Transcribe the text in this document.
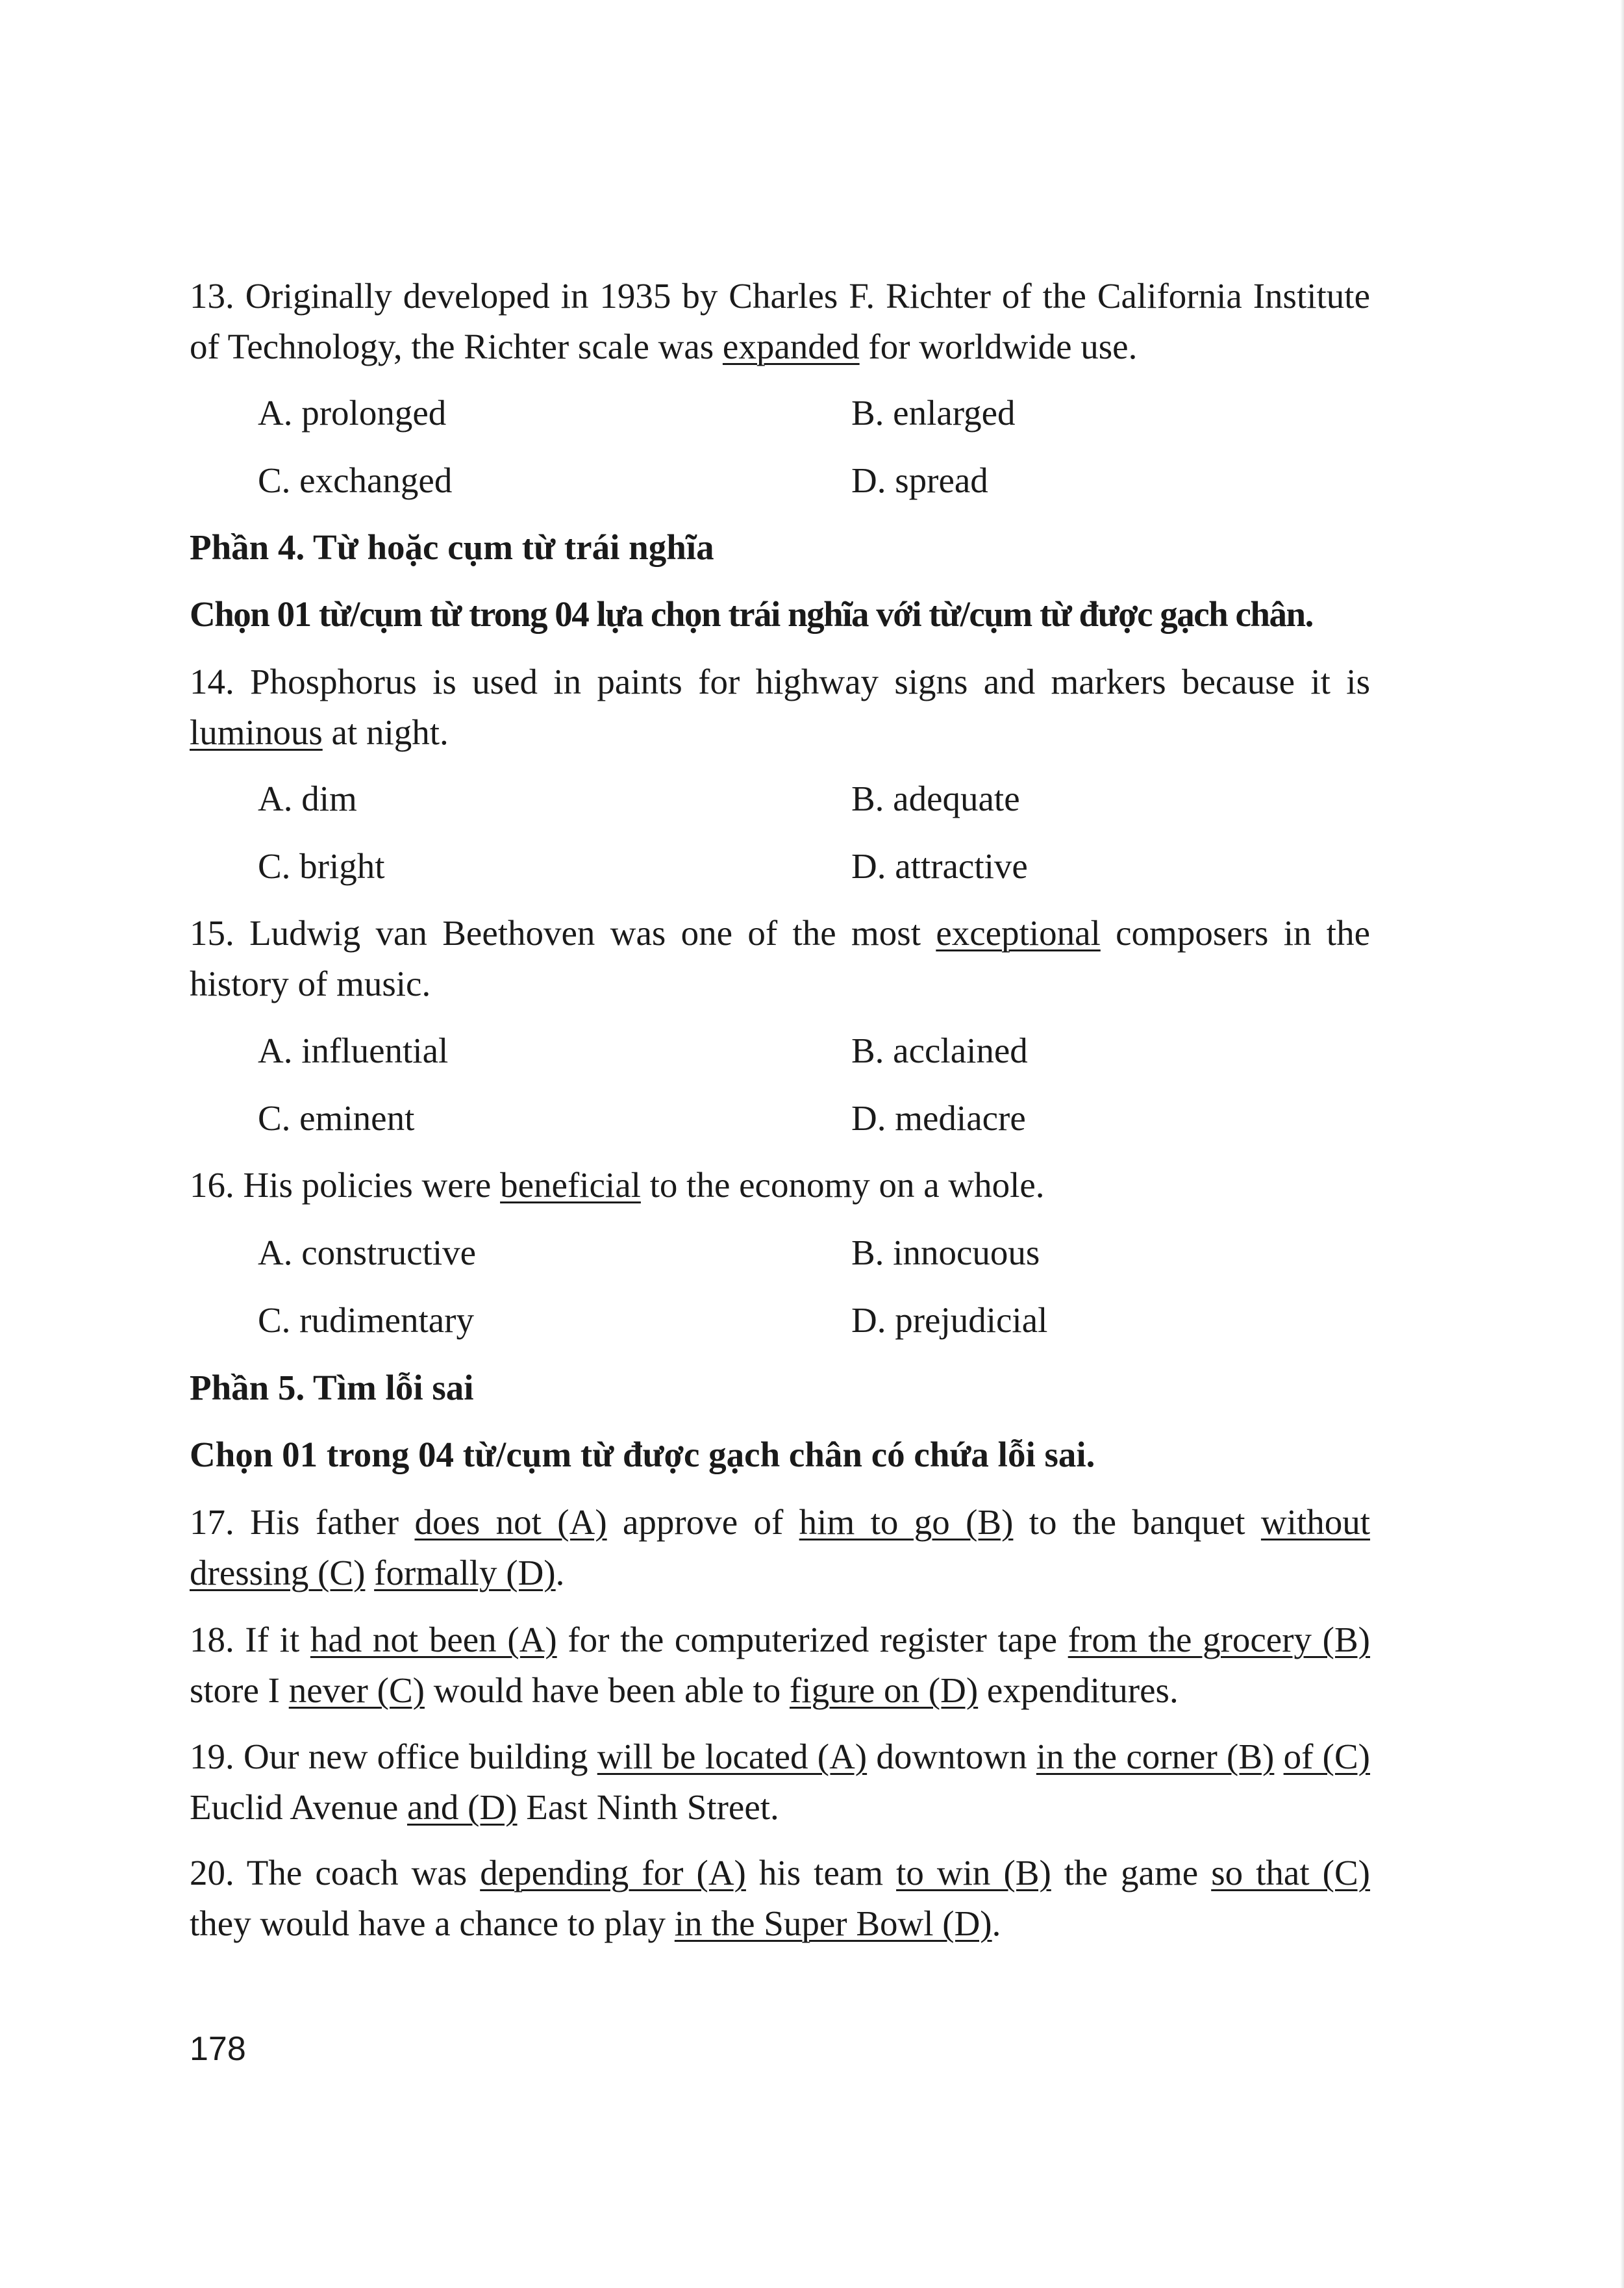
13. Originally developed in 1935 by Charles F. Richter of the California Institute of Technology, the Richter scale was expanded for worldwide use.
A. prolonged	B. enlarged
C. exchanged	D. spread
Phần 4. Từ hoặc cụm từ trái nghĩa
Chọn 01 từ/cụm từ trong 04 lựa chọn trái nghĩa với từ/cụm từ được gạch chân.
14. Phosphorus is used in paints for highway signs and markers because it is luminous at night.
A. dim	B. adequate
C. bright	D. attractive
15. Ludwig van Beethoven was one of the most exceptional composers in the history of music.
A. influential	B. acclained
C. eminent	D. mediacre
16. His policies were beneficial to the economy on a whole.
A. constructive	B. innocuous
C. rudimentary	D. prejudicial
Phần 5. Tìm lỗi sai
Chọn 01 trong 04 từ/cụm từ được gạch chân có chứa lỗi sai.
17. His father does not (A) approve of him to go (B) to the banquet without dressing (C) formally (D).
18. If it had not been (A) for the computerized register tape from the grocery (B) store I never (C) would have been able to figure on (D) expenditures.
19. Our new office building will be located (A) downtown in the corner (B) of (C) Euclid Avenue and (D) East Ninth Street.
20. The coach was depending for (A) his team to win (B) the game so that (C) they would have a chance to play in the Super Bowl (D).
178
